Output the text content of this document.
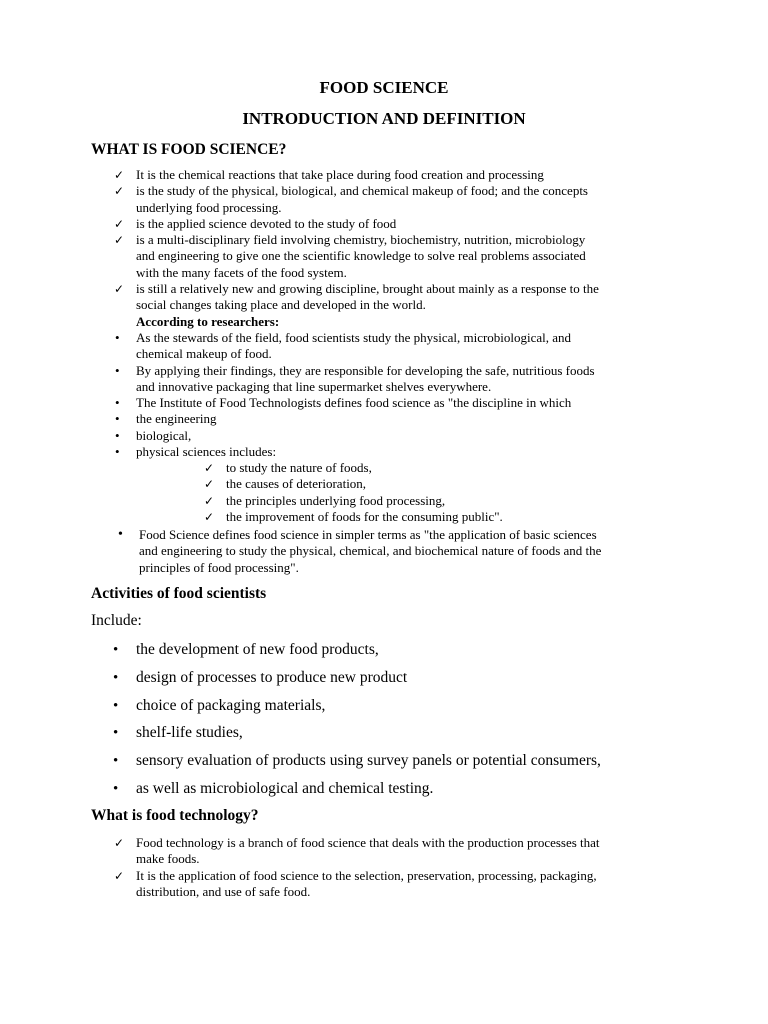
FOOD SCIENCE
INTRODUCTION AND DEFINITION
WHAT IS FOOD SCIENCE?
✓ It is the chemical reactions that take place during food creation and processing
✓ is the study of the physical, biological, and chemical makeup of food; and the concepts
underlying food processing.
✓ is the applied science devoted to the study of food
✓ is a multi-disciplinary field involving chemistry, biochemistry, nutrition, microbiology
and engineering to give one the scientific knowledge to solve real problems associated
with the many facets of the food system.
✓ is still a relatively new and growing discipline, brought about mainly as a response to the
social changes taking place and developed in the world.
According to researchers:
• As the stewards of the field, food scientists study the physical, microbiological, and
chemical makeup of food.
• By applying their findings, they are responsible for developing the safe, nutritious foods
and innovative packaging that line supermarket shelves everywhere.
• The Institute of Food Technologists defines food science as "the discipline in which
• the engineering
• biological,
• physical sciences includes:
✓ to study the nature of foods,
✓ the causes of deterioration,
✓ the principles underlying food processing,
✓ the improvement of foods for the consuming public".
• Food Science defines food science in simpler terms as "the application of basic sciences
and engineering to study the physical, chemical, and biochemical nature of foods and the
principles of food processing".
Activities of food scientists
Include:
• the development of new food products,
• design of processes to produce new product
• choice of packaging materials,
• shelf-life studies,
• sensory evaluation of products using survey panels or potential consumers,
• as well as microbiological and chemical testing.
What is food technology?
✓ Food technology is a branch of food science that deals with the production processes that
make foods.
✓ It is the application of food science to the selection, preservation, processing, packaging,
distribution, and use of safe food.
